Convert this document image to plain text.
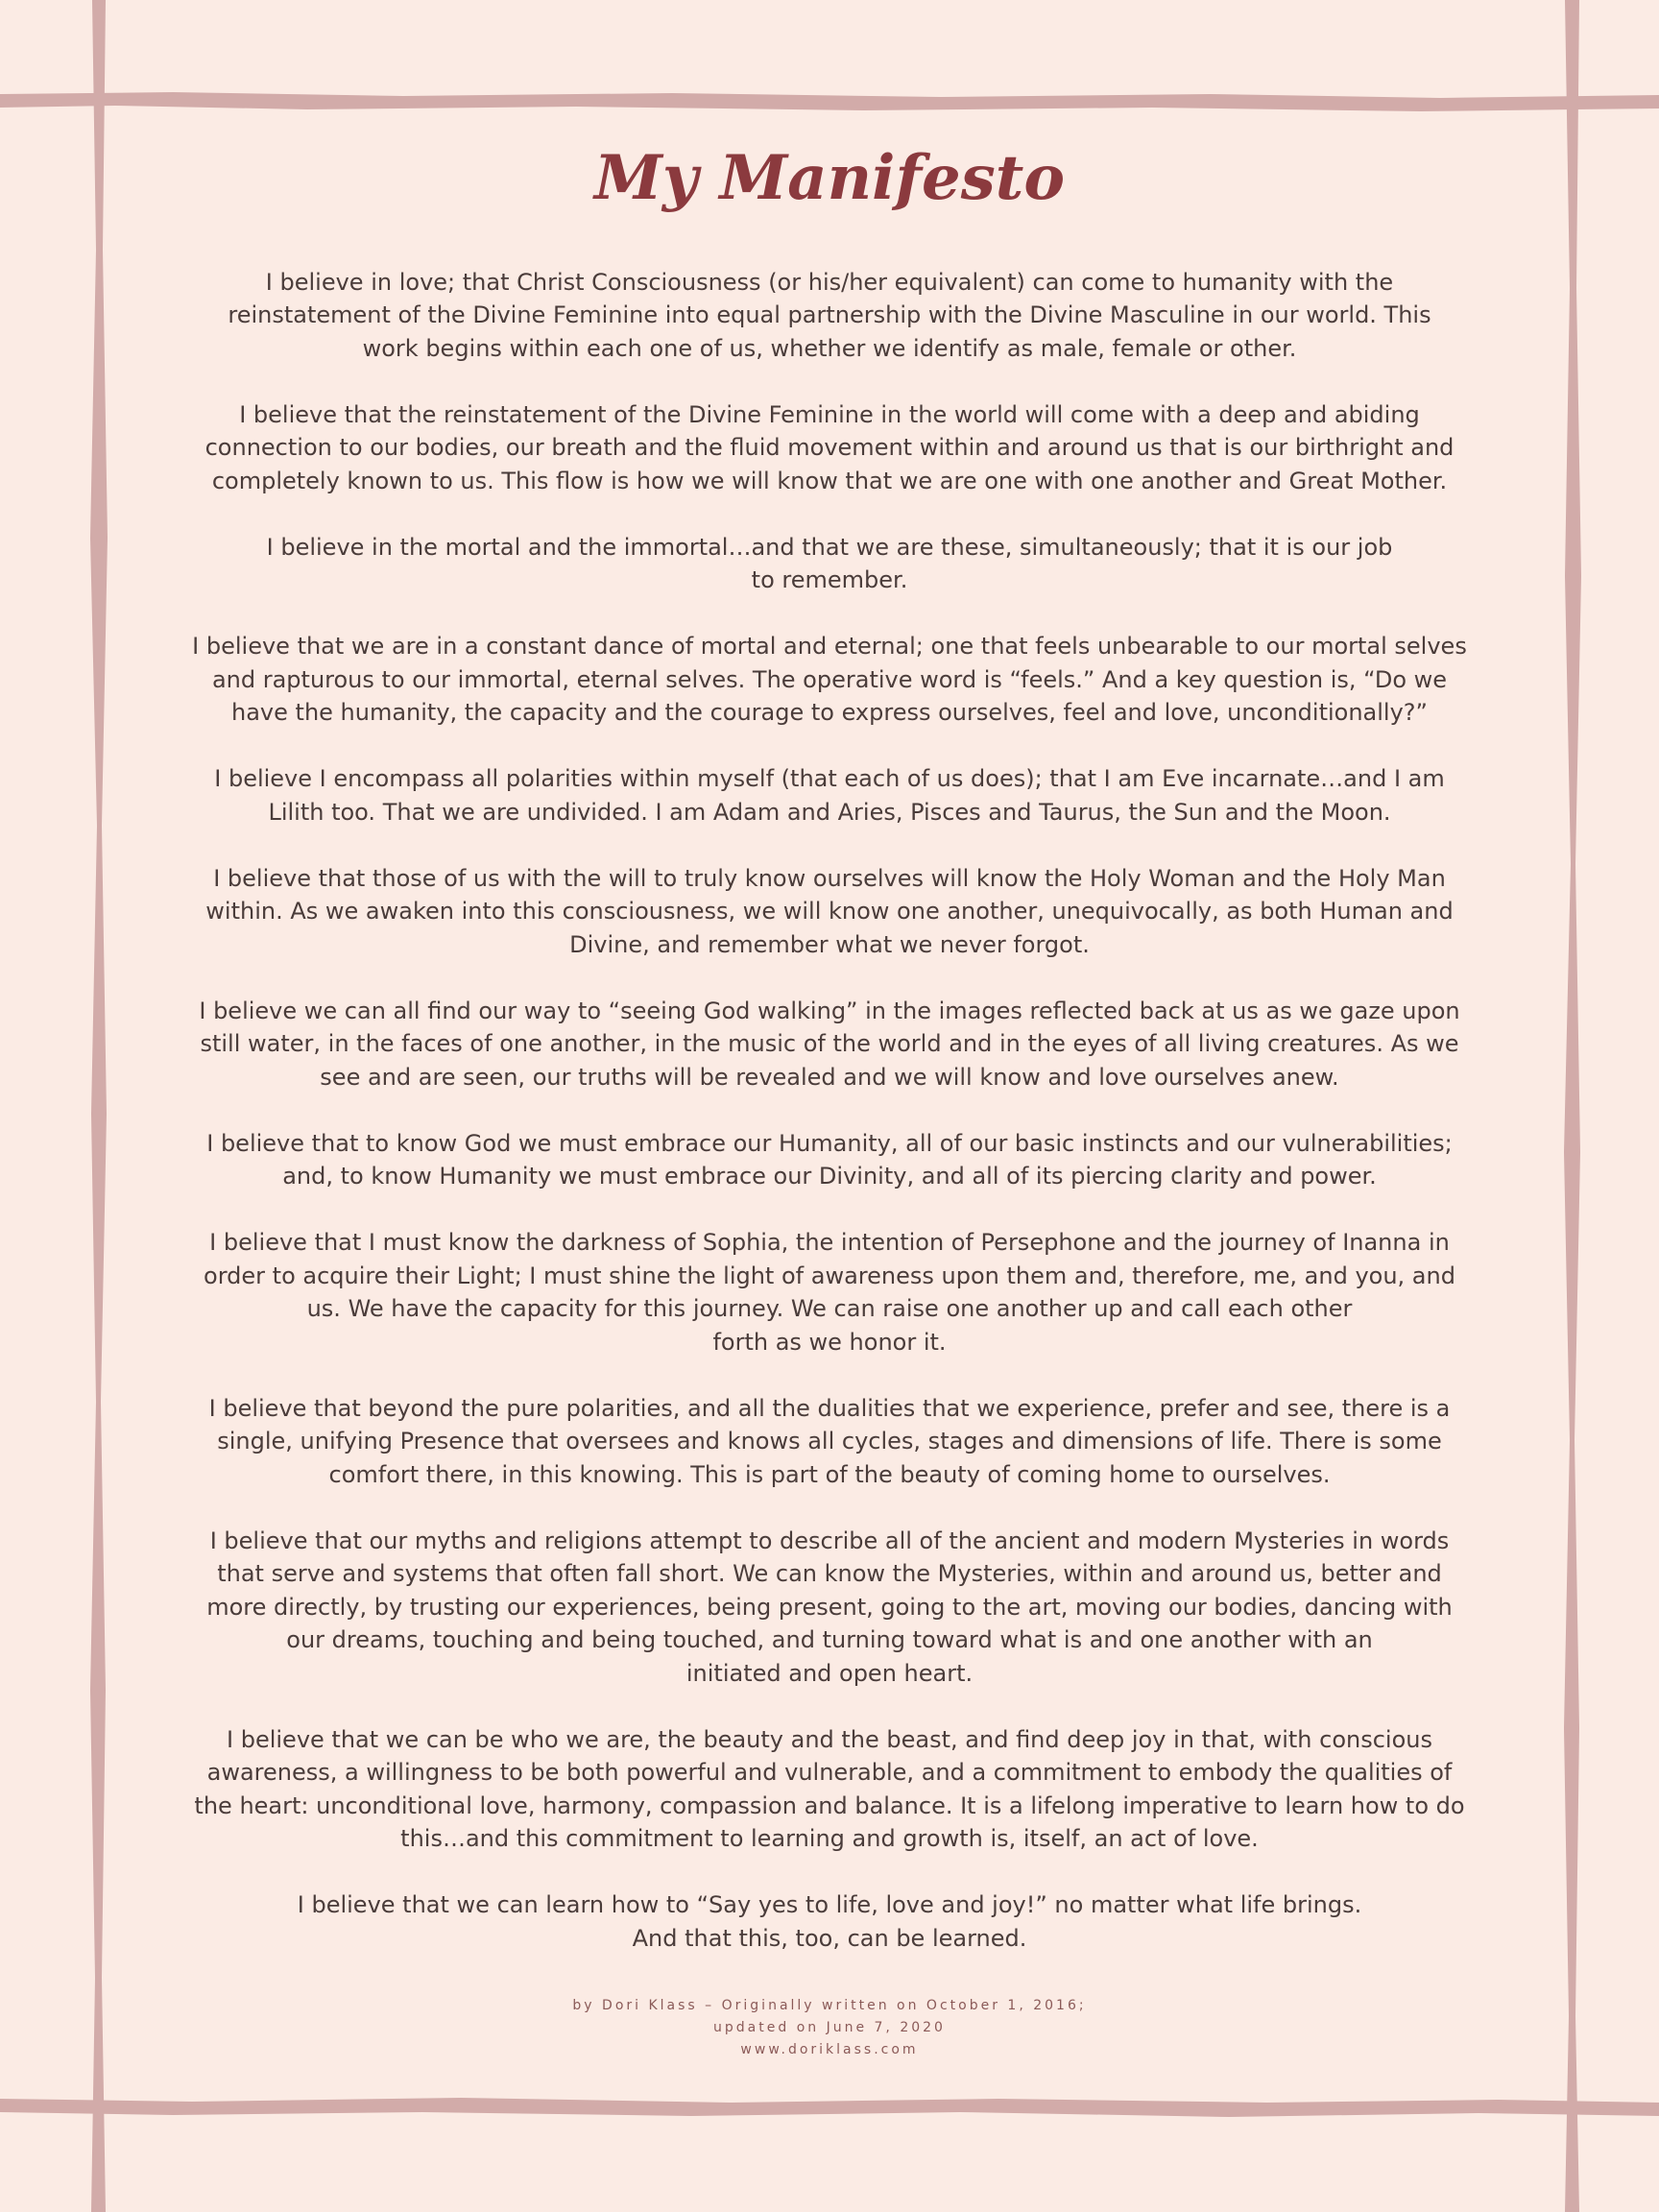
My Manifesto
I believe in love; that Christ Consciousness (or his/her equivalent) can come to humanity with the
reinstatement of the Divine Feminine into equal partnership with the Divine Masculine in our world. This
work begins within each one of us, whether we identify as male, female or other.
I believe that the reinstatement of the Divine Feminine in the world will come with a deep and abiding
connection to our bodies, our breath and the fluid movement within and around us that is our birthright and
completely known to us. This flow is how we will know that we are one with one another and Great Mother.
I believe in the mortal and the immortal…and that we are these, simultaneously; that it is our job
to remember.
I believe that we are in a constant dance of mortal and eternal; one that feels unbearable to our mortal selves
and rapturous to our immortal, eternal selves. The operative word is “feels.” And a key question is, “Do we
have the humanity, the capacity and the courage to express ourselves, feel and love, unconditionally?”
I believe I encompass all polarities within myself (that each of us does); that I am Eve incarnate…and I am
Lilith too. That we are undivided. I am Adam and Aries, Pisces and Taurus, the Sun and the Moon.
I believe that those of us with the will to truly know ourselves will know the Holy Woman and the Holy Man
within. As we awaken into this consciousness, we will know one another, unequivocally, as both Human and
Divine, and remember what we never forgot.
I believe we can all find our way to “seeing God walking” in the images reflected back at us as we gaze upon
still water, in the faces of one another, in the music of the world and in the eyes of all living creatures. As we
see and are seen, our truths will be revealed and we will know and love ourselves anew.
I believe that to know God we must embrace our Humanity, all of our basic instincts and our vulnerabilities;
and, to know Humanity we must embrace our Divinity, and all of its piercing clarity and power.
I believe that I must know the darkness of Sophia, the intention of Persephone and the journey of Inanna in
order to acquire their Light; I must shine the light of awareness upon them and, therefore, me, and you, and
us. We have the capacity for this journey. We can raise one another up and call each other
forth as we honor it.
I believe that beyond the pure polarities, and all the dualities that we experience, prefer and see, there is a
single, unifying Presence that oversees and knows all cycles, stages and dimensions of life. There is some
comfort there, in this knowing. This is part of the beauty of coming home to ourselves.
I believe that our myths and religions attempt to describe all of the ancient and modern Mysteries in words
that serve and systems that often fall short. We can know the Mysteries, within and around us, better and
more directly, by trusting our experiences, being present, going to the art, moving our bodies, dancing with
our dreams, touching and being touched, and turning toward what is and one another with an
initiated and open heart.
I believe that we can be who we are, the beauty and the beast, and find deep joy in that, with conscious
awareness, a willingness to be both powerful and vulnerable, and a commitment to embody the qualities of
the heart: unconditional love, harmony, compassion and balance. It is a lifelong imperative to learn how to do
this…and this commitment to learning and growth is, itself, an act of love.
I believe that we can learn how to “Say yes to life, love and joy!” no matter what life brings.
And that this, too, can be learned.
by Dori Klass – Originally written on October 1, 2016;
updated on June 7, 2020
www.doriklass.com
